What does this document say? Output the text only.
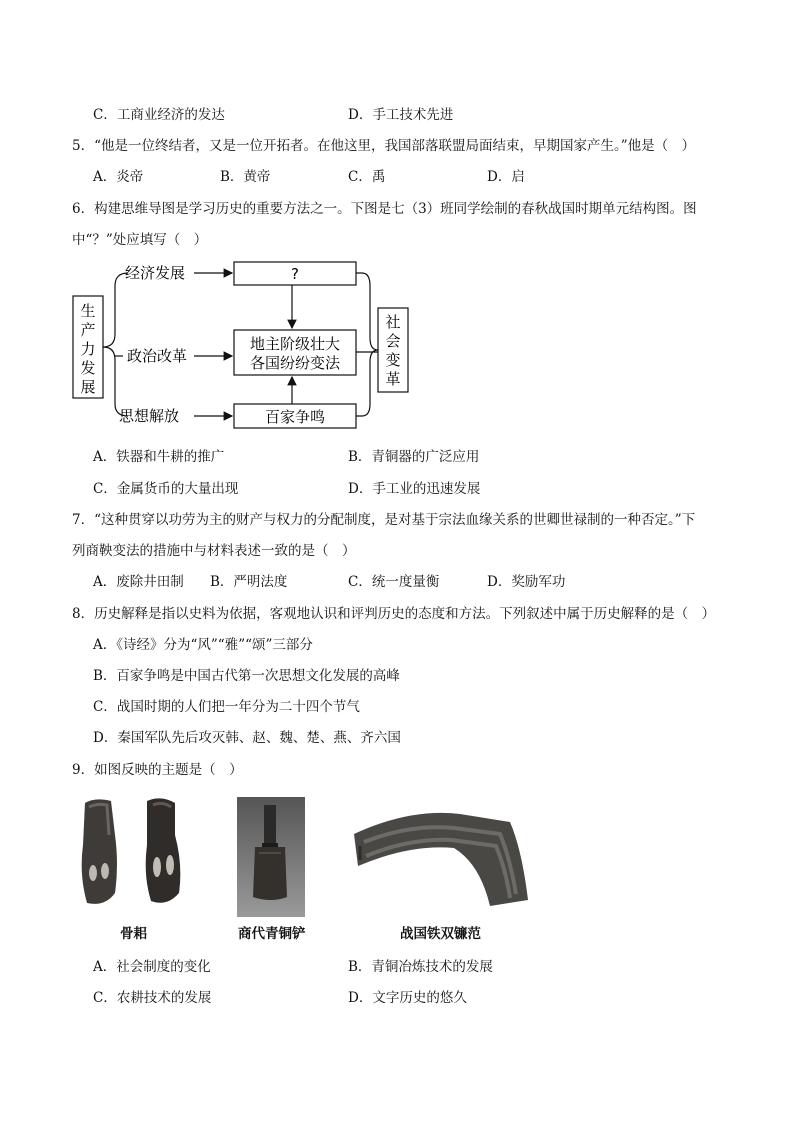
C．工商业经济的发达	D．手工技术先进
5．“他是一位终结者，又是一位开拓者。在他这里，我国部落联盟局面结束，早期国家产生。”他是（　）
A．炎帝	B．黄帝	C．禹	D．启
6．构建思维导图是学习历史的重要方法之一。下图是七（3）班同学绘制的春秋战国时期单元结构图。图
中“？”处应填写（　）
生
产
力
发
展
经济发展
政治改革
思想解放
?
地主阶级壮大
各国纷纷变法
百家争鸣
社
会
变
革
A．铁器和牛耕的推广	B．青铜器的广泛应用
C．金属货币的大量出现	D．手工业的迅速发展
7．“这种贯穿以功劳为主的财产与权力的分配制度，是对基于宗法血缘关系的世卿世禄制的一种否定。”下
列商鞅变法的措施中与材料表述一致的是（　）
A．废除井田制 B．严明法度	C．统一度量衡	D．奖励军功
8．历史解释是指以史料为依据，客观地认识和评判历史的态度和方法。下列叙述中属于历史解释的是（　）
A．《诗经》分为“风”“雅”“颂”三部分
B．百家争鸣是中国古代第一次思想文化发展的高峰
C．战国时期的人们把一年分为二十四个节气
D．秦国军队先后攻灭韩、赵、魏、楚、燕、齐六国
9．如图反映的主题是（　）
骨耜	商代青铜铲	战国铁双镰范
A．社会制度的变化	B．青铜冶炼技术的发展
C．农耕技术的发展	D．文字历史的悠久
